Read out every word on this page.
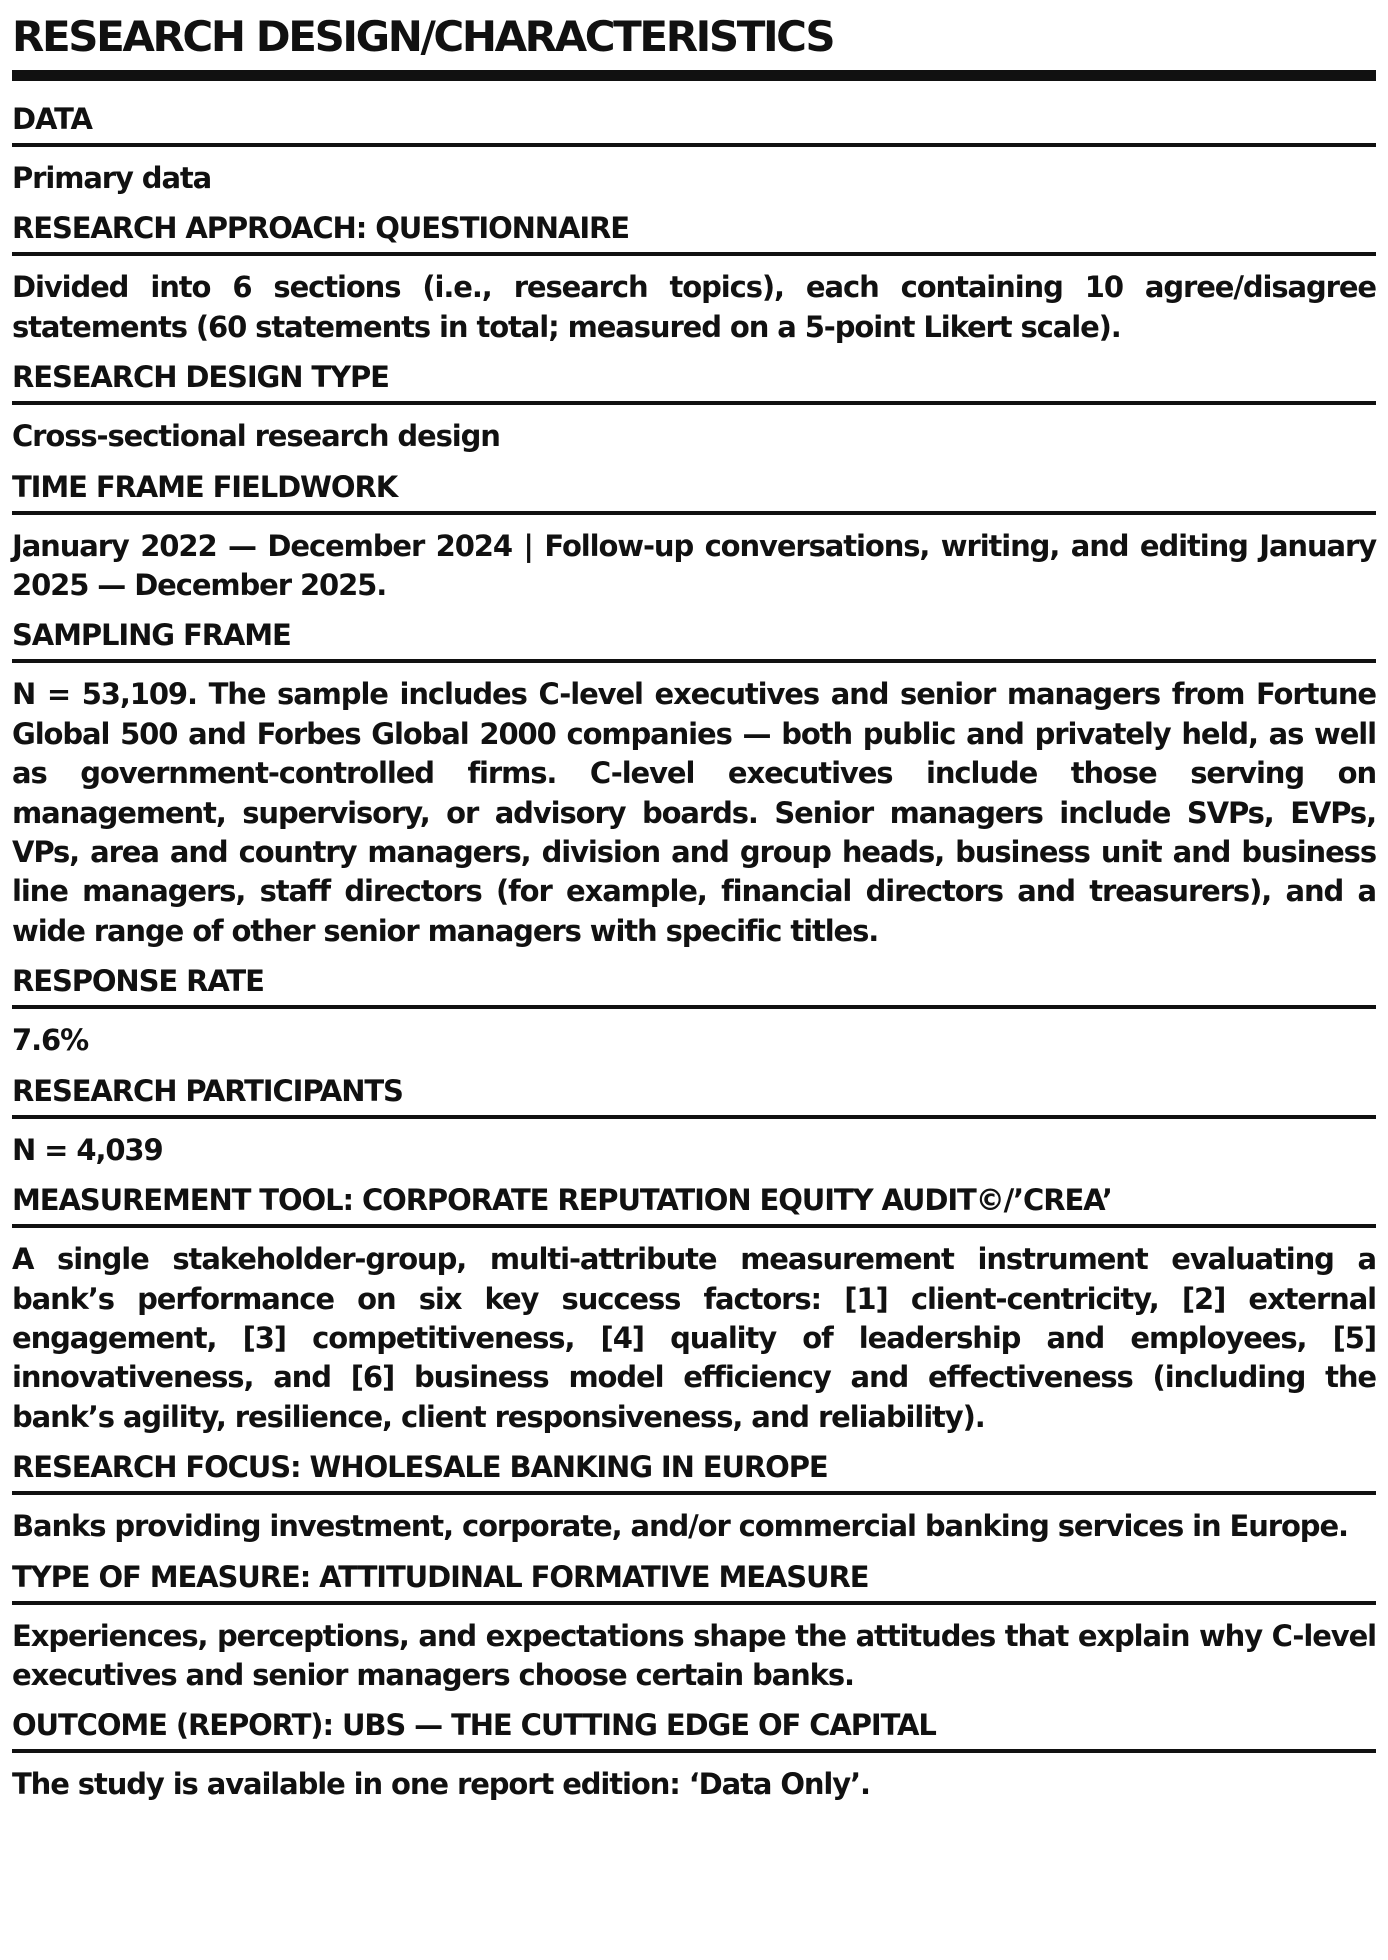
RESEARCH DESIGN/CHARACTERISTICS
DATA

Primary data

RESEARCH APPROACH: QUESTIONNAIRE

Divided into 6 sections (i.e., research topics), each containing 10 agree/disagree statements (60 statements in total; measured on a 5-point Likert scale).

RESEARCH DESIGN TYPE

Cross-sectional research design

TIME FRAME FIELDWORK

January 2022 — December 2024 | Follow-up conversations, writing, and editing January 2025 — December 2025.

SAMPLING FRAME

N = 53,109. The sample includes C-level executives and senior managers from Fortune Global 500 and Forbes Global 2000 companies — both public and privately held, as well as government-controlled firms. C-level executives include those serving on management, supervisory, or advisory boards. Senior managers include SVPs, EVPs, VPs, area and country managers, division and group heads, business unit and business line managers, staff directors (for example, financial directors and treasurers), and a wide range of other senior managers with specific titles.

RESPONSE RATE

7.6%

RESEARCH PARTICIPANTS

N = 4,039

MEASUREMENT TOOL: CORPORATE REPUTATION EQUITY AUDIT©/’CREA’

A single stakeholder-group, multi-attribute measurement instrument evaluating a bank’s performance on six key success factors: [1] client-centricity, [2] external engagement, [3] competitiveness, [4] quality of leadership and employees, [5] innovativeness, and [6] business model efficiency and effectiveness (including the bank’s agility, resilience, client responsiveness, and reliability).

RESEARCH FOCUS: WHOLESALE BANKING IN EUROPE

Banks providing investment, corporate, and/or commercial banking services in Europe.

TYPE OF MEASURE: ATTITUDINAL FORMATIVE MEASURE

Experiences, perceptions, and expectations shape the attitudes that explain why C-level executives and senior managers choose certain banks.

OUTCOME (REPORT): UBS — THE CUTTING EDGE OF CAPITAL

The study is available in one report edition: ‘Data Only’.
